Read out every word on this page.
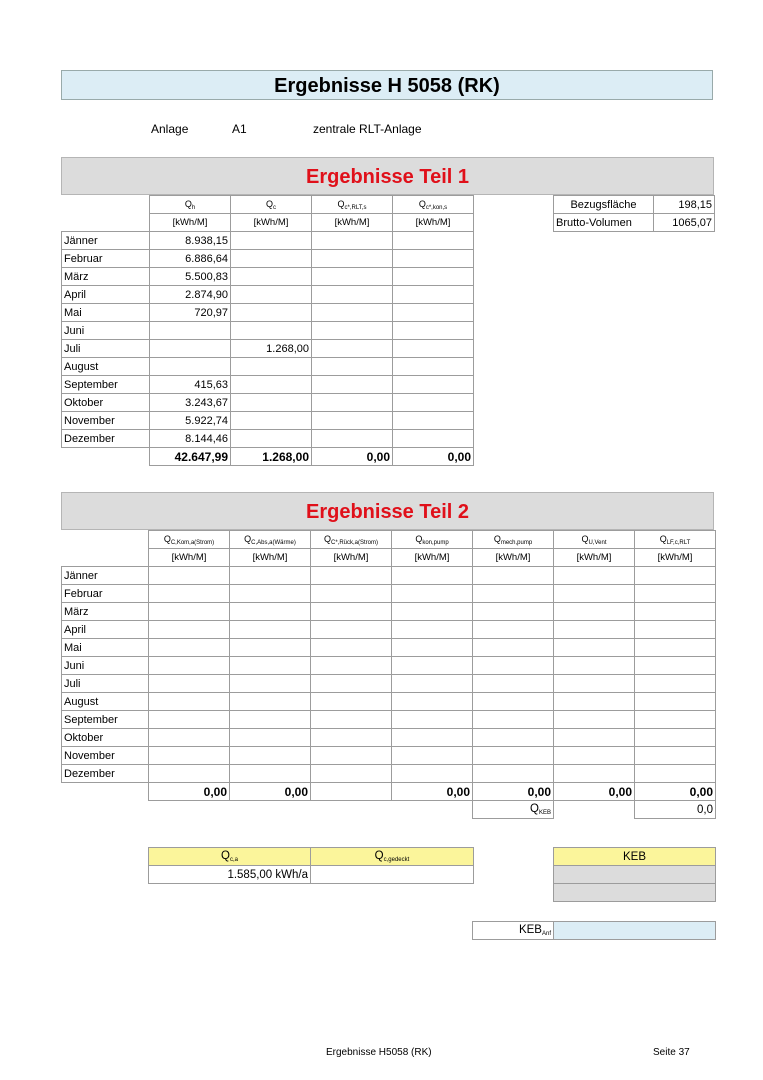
Ergebnisse H 5058 (RK)
Anlage	A1	zentrale RLT-Anlage
Ergebnisse Teil 1
	$Q_h$	$Q_c$	$Q_{c*,RLT,s}$	$Q_{c*,kon,s}$
	[kWh/M]	[kWh/M]	[kWh/M]	[kWh/M]
Jänner	8.938,15			
Februar	6.886,64			
März	5.500,83			
April	2.874,90			
Mai	720,97			
Juni				
Juli		1.268,00		
August				
September	415,63			
Oktober	3.243,67			
November	5.922,74			
Dezember	8.144,46			
	42.647,99	1.268,00	0,00	0,00
Bezugsfläche	198,15
Brutto-Volumen	1065,07
Ergebnisse Teil 2
	$Q_{C,Kom,a(Strom)}$	$Q_{C,Abs,a(Wärme)}$	$Q_{C*,Rück,a(Strom)}$	$Q_{kon,pump}$	$Q_{mech,pump}$	$Q_{U,Vent}$	$Q_{LF,c,RLT}$
	[kWh/M]	[kWh/M]	[kWh/M]	[kWh/M]	[kWh/M]	[kWh/M]	[kWh/M]
Jänner							
Februar							
März							
April							
Mai							
Juni							
Juli							
August							
September							
Oktober							
November							
Dezember							
	0,00	0,00		0,00	0,00	0,00	0,00
					$Q_{KEB}$		0,0
$Q_{c,a}$	$Q_{c,gedeckt}$
1.585,00 kWh/a	
KEB

$KEB_{Anf}$	
Ergebnisse H5058 (RK)	Seite 37
